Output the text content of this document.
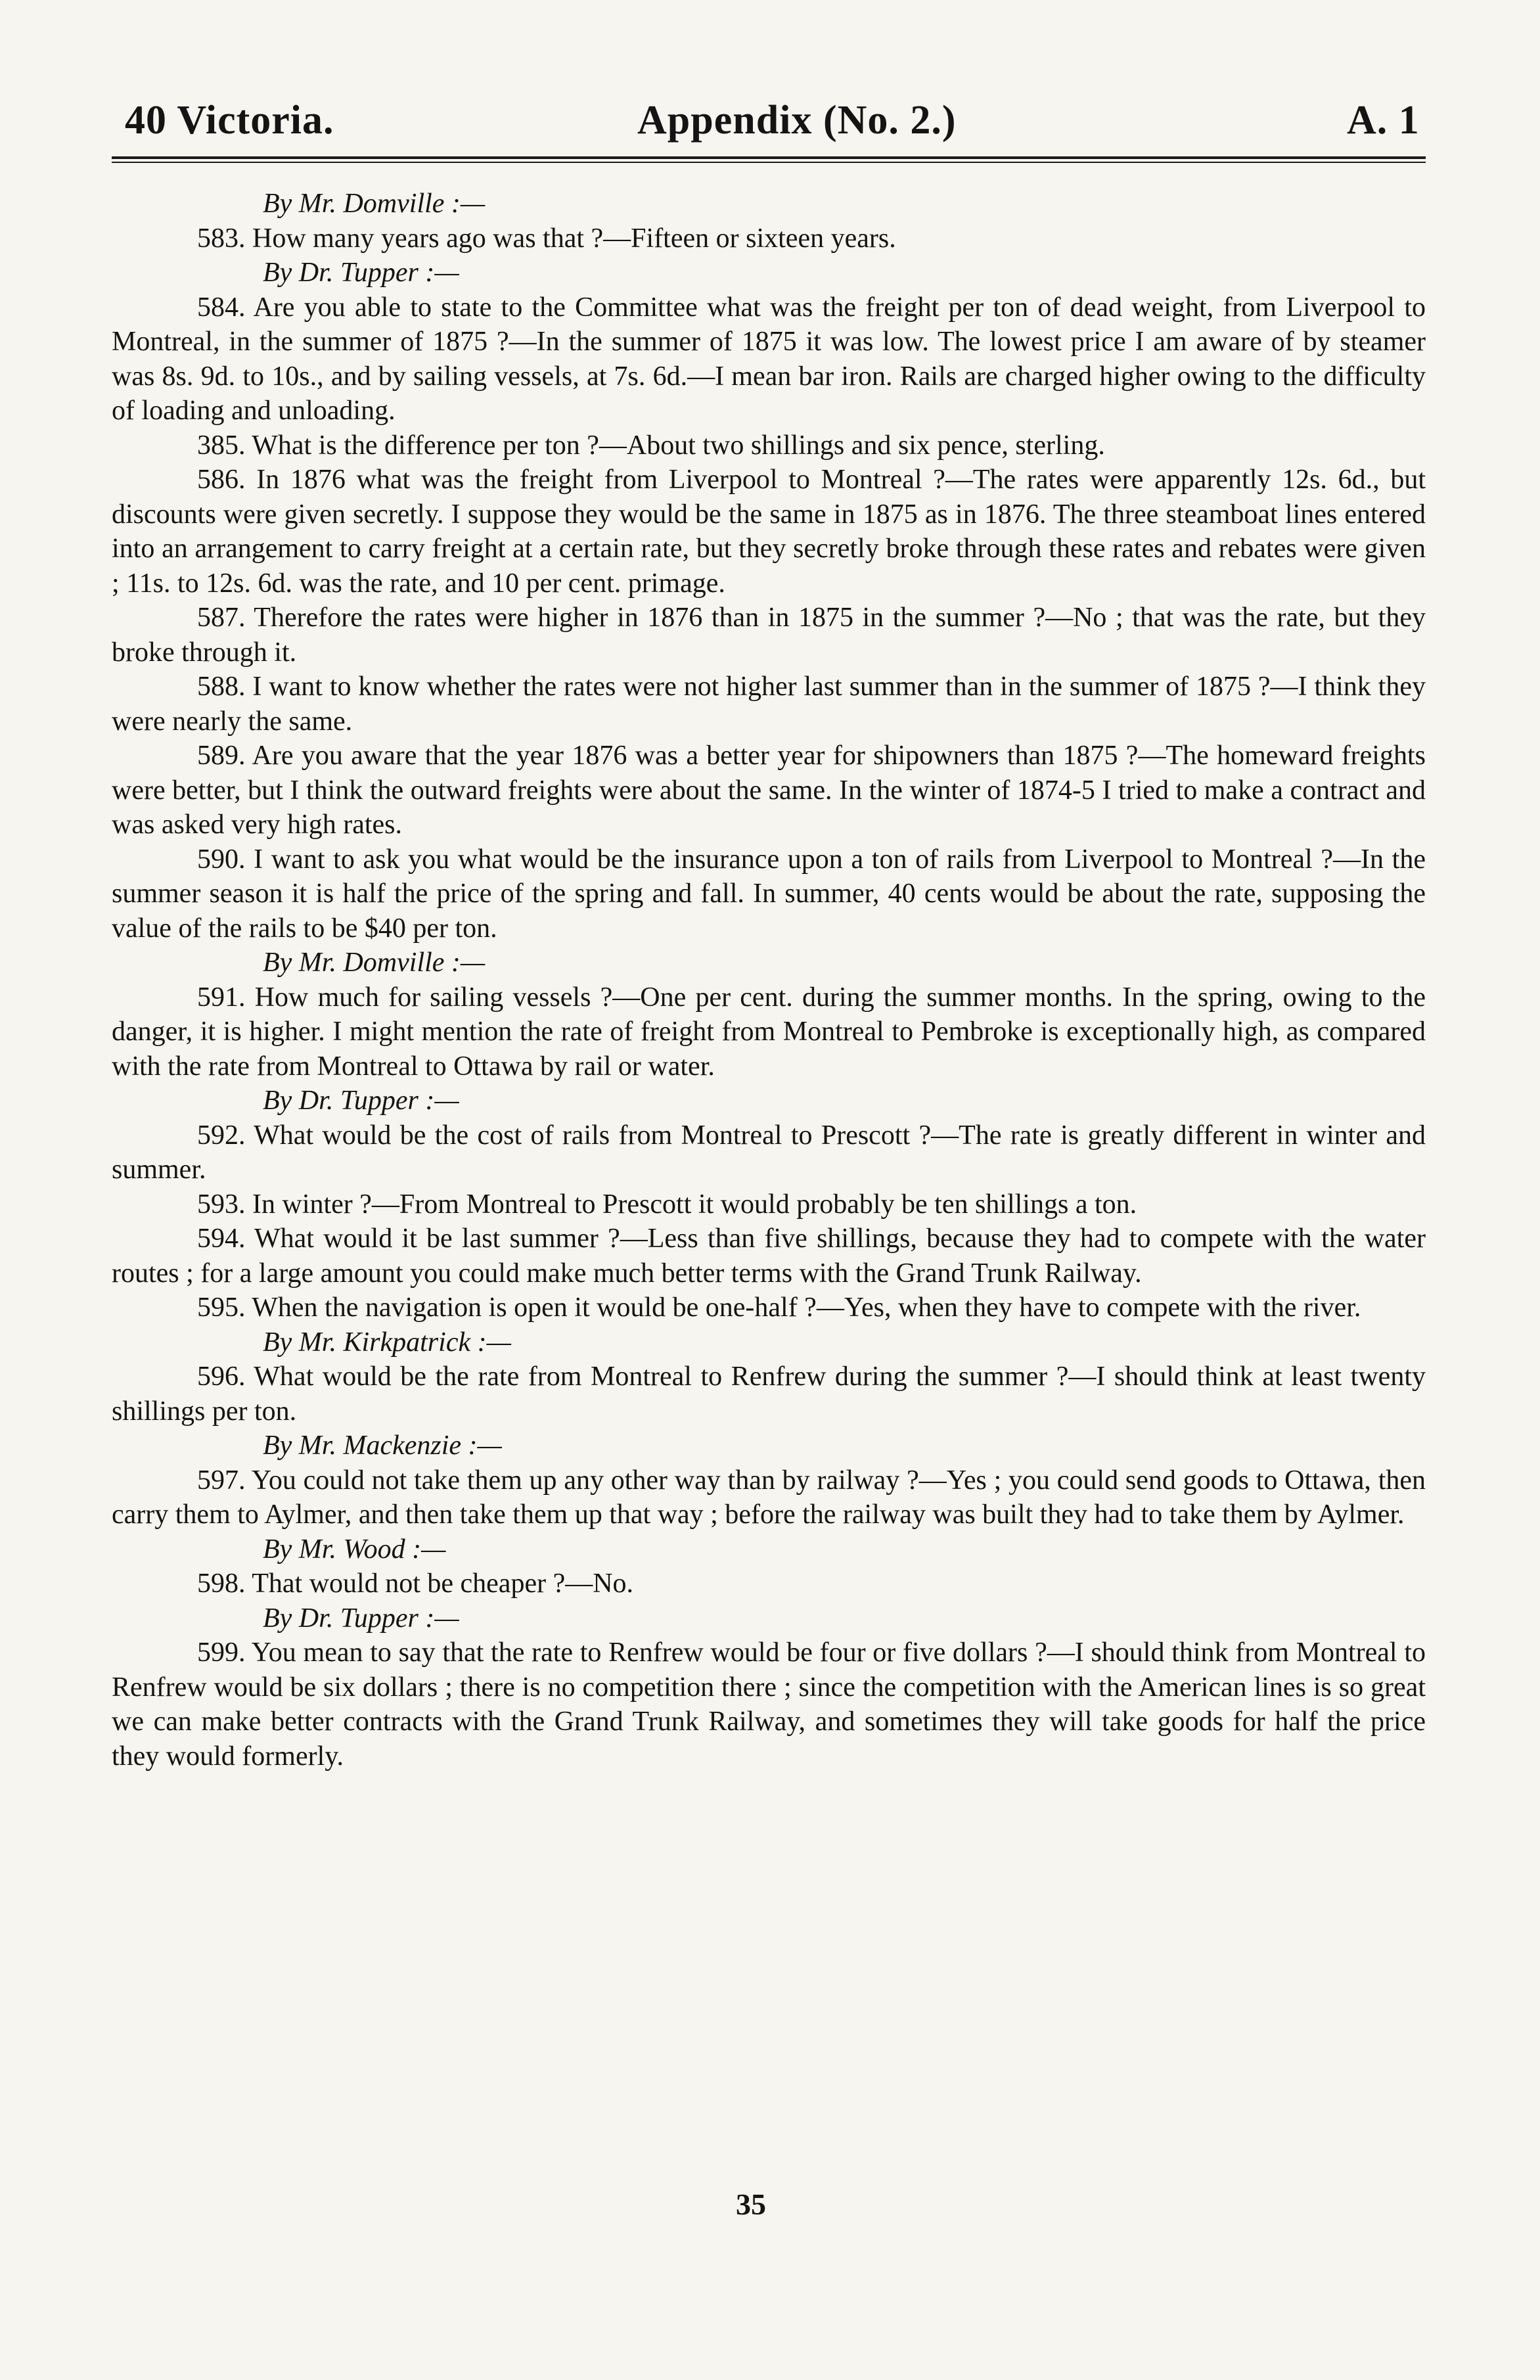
40 Victoria.	Appendix (No. 2.)	A. 1

By Mr. Domville :—

583. How many years ago was that ?—Fifteen or sixteen years.

By Dr. Tupper :—

584. Are you able to state to the Committee what was the freight per ton of dead weight, from Liverpool to Montreal, in the summer of 1875 ?—In the summer of 1875 it was low. The lowest price I am aware of by steamer was 8s. 9d. to 10s., and by sailing vessels, at 7s. 6d.—I mean bar iron. Rails are charged higher owing to the difficulty of loading and unloading.

385. What is the difference per ton ?—About two shillings and six pence, sterling.

586. In 1876 what was the freight from Liverpool to Montreal ?—The rates were apparently 12s. 6d., but discounts were given secretly. I suppose they would be the same in 1875 as in 1876. The three steamboat lines entered into an arrangement to carry freight at a certain rate, but they secretly broke through these rates and rebates were given ; 11s. to 12s. 6d. was the rate, and 10 per cent. primage.

587. Therefore the rates were higher in 1876 than in 1875 in the summer ?—No ; that was the rate, but they broke through it.

588. I want to know whether the rates were not higher last summer than in the summer of 1875 ?—I think they were nearly the same.

589. Are you aware that the year 1876 was a better year for shipowners than 1875 ?—The homeward freights were better, but I think the outward freights were about the same. In the winter of 1874-5 I tried to make a contract and was asked very high rates.

590. I want to ask you what would be the insurance upon a ton of rails from Liverpool to Montreal ?—In the summer season it is half the price of the spring and fall. In summer, 40 cents would be about the rate, supposing the value of the rails to be $40 per ton.

By Mr. Domville :—

591. How much for sailing vessels ?—One per cent. during the summer months. In the spring, owing to the danger, it is higher. I might mention the rate of freight from Montreal to Pembroke is exceptionally high, as compared with the rate from Montreal to Ottawa by rail or water.

By Dr. Tupper :—

592. What would be the cost of rails from Montreal to Prescott ?—The rate is greatly different in winter and summer.

593. In winter ?—From Montreal to Prescott it would probably be ten shillings a ton.

594. What would it be last summer ?—Less than five shillings, because they had to compete with the water routes ; for a large amount you could make much better terms with the Grand Trunk Railway.

595. When the navigation is open it would be one-half ?—Yes, when they have to compete with the river.

By Mr. Kirkpatrick :—

596. What would be the rate from Montreal to Renfrew during the summer ?—I should think at least twenty shillings per ton.

By Mr. Mackenzie :—

597. You could not take them up any other way than by railway ?—Yes ; you could send goods to Ottawa, then carry them to Aylmer, and then take them up that way ; before the railway was built they had to take them by Aylmer.

By Mr. Wood :—

598. That would not be cheaper ?—No.

By Dr. Tupper :—

599. You mean to say that the rate to Renfrew would be four or five dollars ?—I should think from Montreal to Renfrew would be six dollars ; there is no competition there ; since the competition with the American lines is so great we can make better contracts with the Grand Trunk Railway, and sometimes they will take goods for half the price they would formerly.

35
